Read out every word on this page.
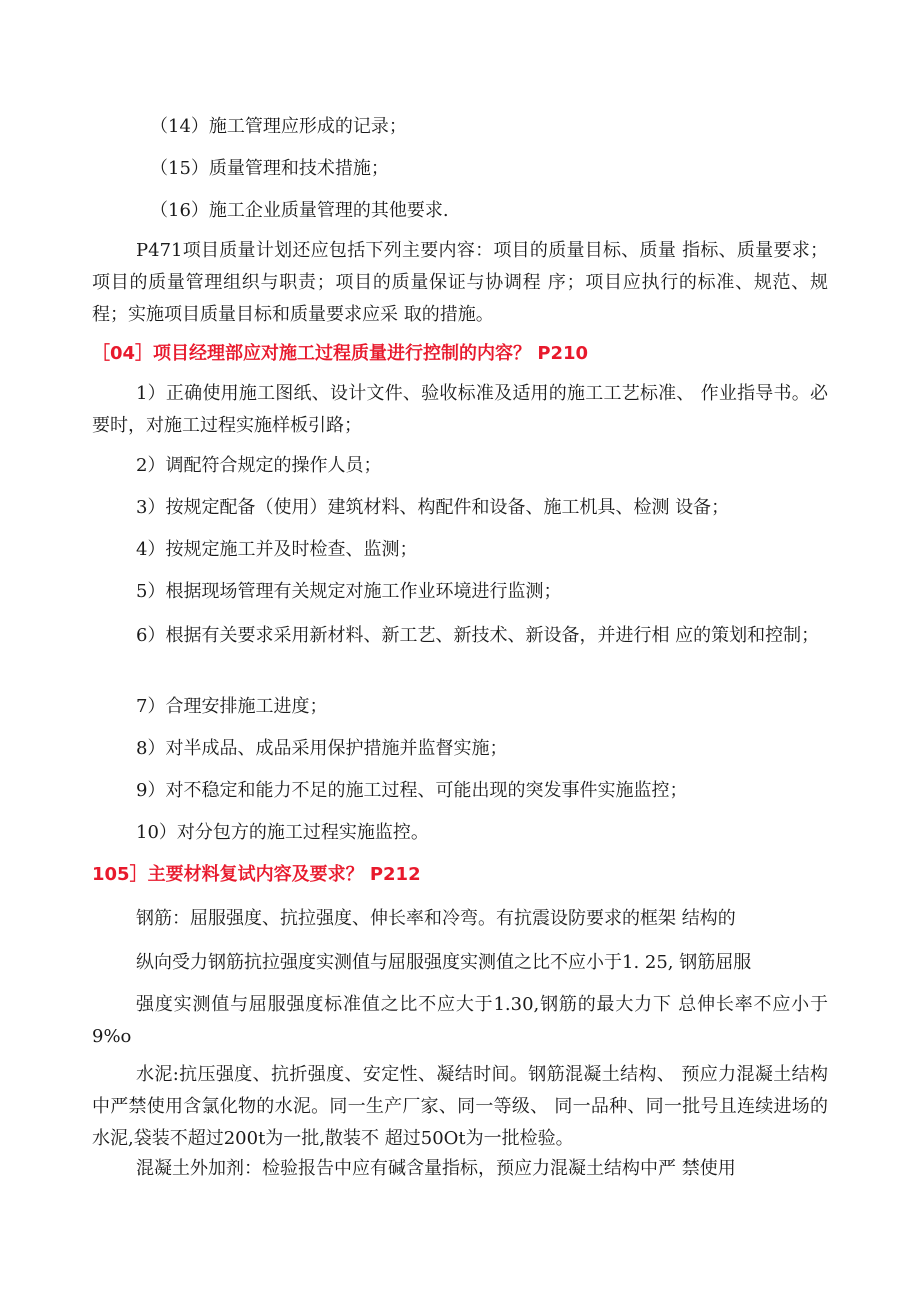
（14）施工管理应形成的记录；
（15）质量管理和技术措施；
（16）施工企业质量管理的其他要求.
P471项目质量计划还应包括下列主要内容：项目的质量目标、质量 指标、质量要求；项目的质量管理组织与职责；项目的质量保证与协调程 序；项目应执行的标准、规范、规程；实施项目质量目标和质量要求应采 取的措施。
［04］项目经理部应对施工过程质量进行控制的内容？ P210
1）正确使用施工图纸、设计文件、验收标准及适用的施工工艺标准、 作业指导书。必要时，对施工过程实施样板引路；
2）调配符合规定的操作人员；
3）按规定配备（使用）建筑材料、构配件和设备、施工机具、检测 设备；
4）按规定施工并及时检查、监测；
5）根据现场管理有关规定对施工作业环境进行监测；
6）根据有关要求采用新材料、新工艺、新技术、新设备，并进行相 应的策划和控制；
7）合理安排施工进度；
8）对半成品、成品采用保护措施并监督实施；
9）对不稳定和能力不足的施工过程、可能出现的突发事件实施监控；
10）对分包方的施工过程实施监控。
105］主要材料复试内容及要求？ P212
钢筋：屈服强度、抗拉强度、伸长率和冷弯。有抗震设防要求的框架 结构的
纵向受力钢筋抗拉强度实测值与屈服强度实测值之比不应小于1. 25, 钢筋屈服
强度实测值与屈服强度标准值之比不应大于1.30,钢筋的最大力下 总伸长率不应小于9%o
水泥:抗压强度、抗折强度、安定性、凝结时间。钢筋混凝土结构、 预应力混凝土结构中严禁使用含氯化物的水泥。同一生产厂家、同一等级、 同一品种、同一批号且连续进场的水泥,袋装不超过200t为一批,散装不 超过50Ot为一批检验。
混凝土外加剂：检验报告中应有碱含量指标，预应力混凝土结构中严 禁使用
